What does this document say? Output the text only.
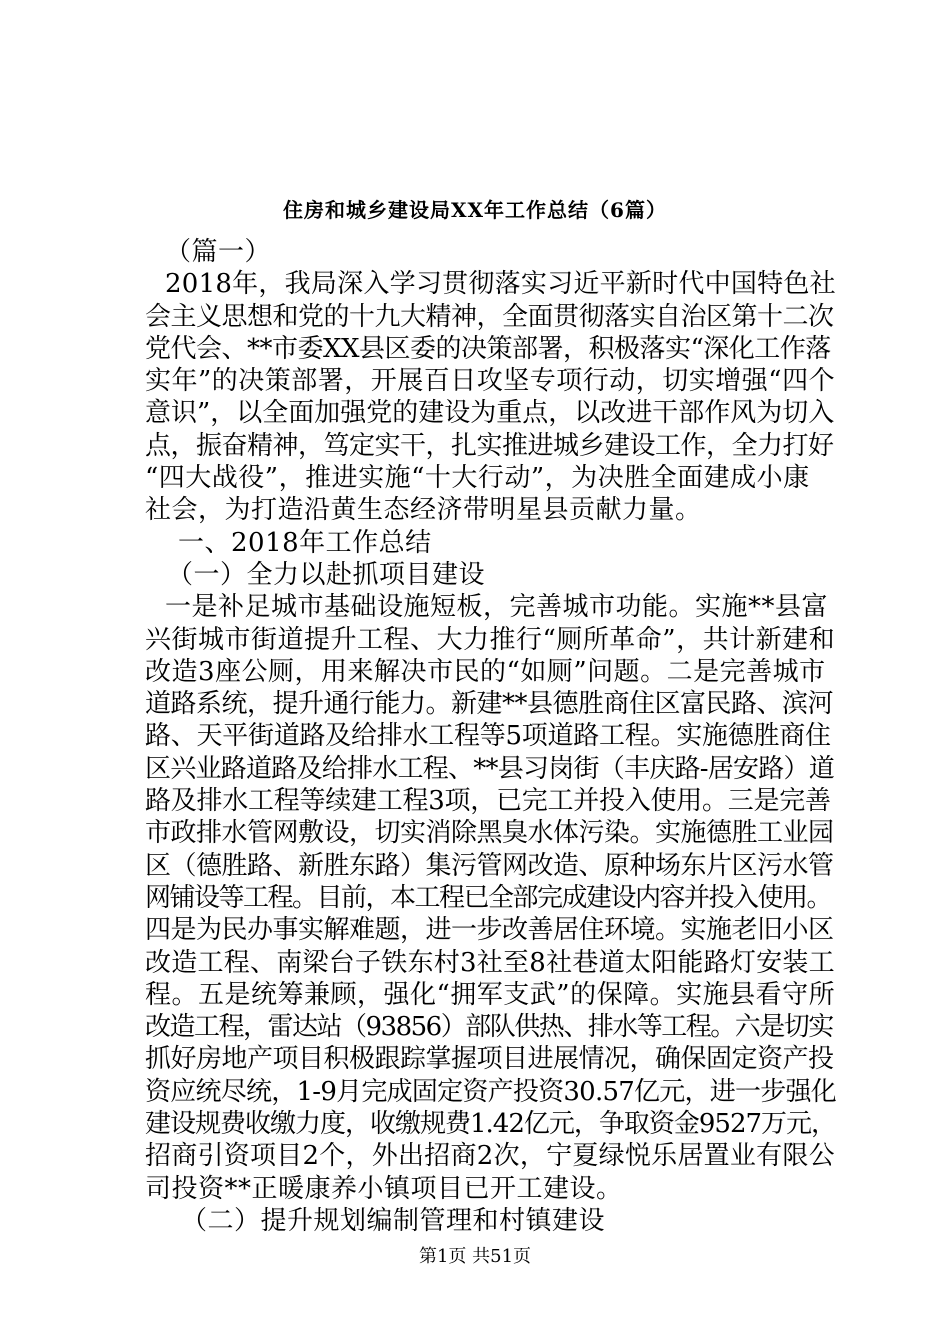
住房和城乡建设局XX年工作总结（6篇）
（篇一）
2018年，我局深入学习贯彻落实习近平新时代中国特色社
会主义思想和党的十九大精神，全面贯彻落实自治区第十二次
党代会、**市委XX县区委的决策部署，积极落实“深化工作落
实年”的决策部署，开展百日攻坚专项行动，切实增强“四个
意识”，以全面加强党的建设为重点，以改进干部作风为切入
点，振奋精神，笃定实干，扎实推进城乡建设工作，全力打好
“四大战役”，推进实施“十大行动”，为决胜全面建成小康
社会，为打造沿黄生态经济带明星县贡献力量。
一、2018年工作总结
（一）全力以赴抓项目建设
一是补足城市基础设施短板，完善城市功能。实施**县富
兴街城市街道提升工程、大力推行“厕所革命”，共计新建和
改造3座公厕，用来解决市民的“如厕”问题。二是完善城市
道路系统，提升通行能力。新建**县德胜商住区富民路、滨河
路、天平街道路及给排水工程等5项道路工程。实施德胜商住
区兴业路道路及给排水工程、**县习岗街（丰庆路-居安路）道
路及排水工程等续建工程3项，已完工并投入使用。三是完善
市政排水管网敷设，切实消除黑臭水体污染。实施德胜工业园
区（德胜路、新胜东路）集污管网改造、原种场东片区污水管
网铺设等工程。目前，本工程已全部完成建设内容并投入使用。
四是为民办事实解难题，进一步改善居住环境。实施老旧小区
改造工程、南梁台子铁东村3社至8社巷道太阳能路灯安装工
程。五是统筹兼顾，强化“拥军支武”的保障。实施县看守所
改造工程，雷达站（93856）部队供热、排水等工程。六是切实
抓好房地产项目积极跟踪掌握项目进展情况，确保固定资产投
资应统尽统，1-9月完成固定资产投资30.57亿元，进一步强化
建设规费收缴力度，收缴规费1.42亿元，争取资金9527万元，
招商引资项目2个，外出招商2次，宁夏绿悦乐居置业有限公
司投资**正暖康养小镇项目已开工建设。
（二）提升规划编制管理和村镇建设
第1页 共51页
